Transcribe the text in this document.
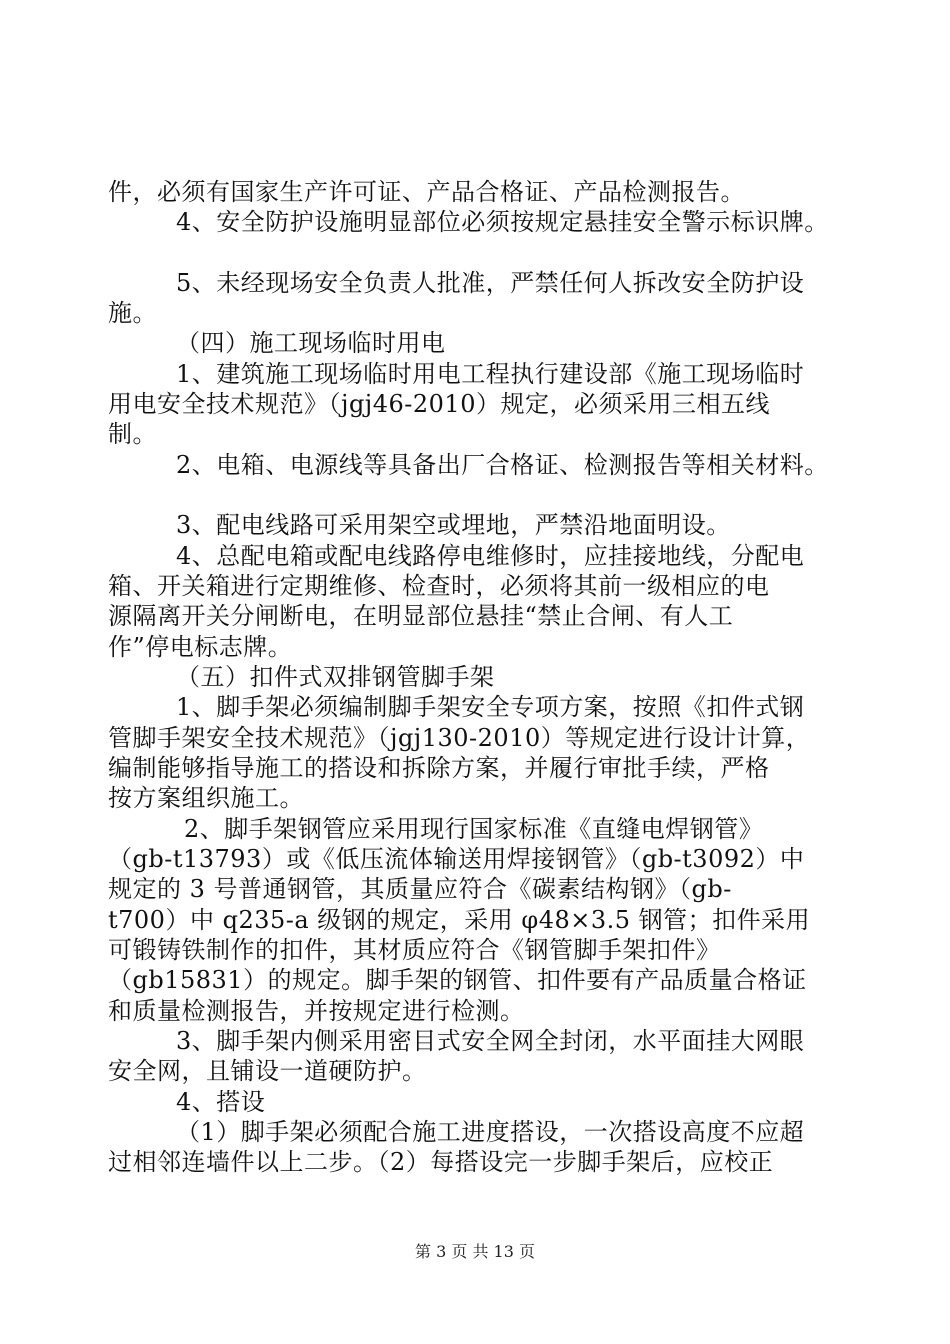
件，必须有国家生产许可证、产品合格证、产品检测报告。
4、安全防护设施明显部位必须按规定悬挂安全警示标识牌。
5、未经现场安全负责人批准，严禁任何人拆改安全防护设
施。
（四）施工现场临时用电
1、建筑施工现场临时用电工程执行建设部《施工现场临时
用电安全技术规范》（jgj46-2010）规定，必须采用三相五线
制。
2、电箱、电源线等具备出厂合格证、检测报告等相关材料。
3、配电线路可采用架空或埋地，严禁沿地面明设。
4、总配电箱或配电线路停电维修时，应挂接地线，分配电
箱、开关箱进行定期维修、检查时，必须将其前一级相应的电
源隔离开关分闸断电，在明显部位悬挂“禁止合闸、有人工
作”停电标志牌。
（五）扣件式双排钢管脚手架
1、脚手架必须编制脚手架安全专项方案，按照《扣件式钢
管脚手架安全技术规范》（jgj130-2010）等规定进行设计计算，
编制能够指导施工的搭设和拆除方案，并履行审批手续，严格
按方案组织施工。
2、脚手架钢管应采用现行国家标准《直缝电焊钢管》
（gb-t13793）或《低压流体输送用焊接钢管》（gb-t3092）中
规定的 3 号普通钢管，其质量应符合《碳素结构钢》（gb-
t700）中 q235-a 级钢的规定，采用 φ48×3.5 钢管；扣件采用
可锻铸铁制作的扣件，其材质应符合《钢管脚手架扣件》
（gb15831）的规定。脚手架的钢管、扣件要有产品质量合格证
和质量检测报告，并按规定进行检测。
3、脚手架内侧采用密目式安全网全封闭，水平面挂大网眼
安全网，且铺设一道硬防护。
4、搭设
（1）脚手架必须配合施工进度搭设，一次搭设高度不应超
过相邻连墙件以上二步。（2）每搭设完一步脚手架后，应校正
第 3 页 共 13 页
